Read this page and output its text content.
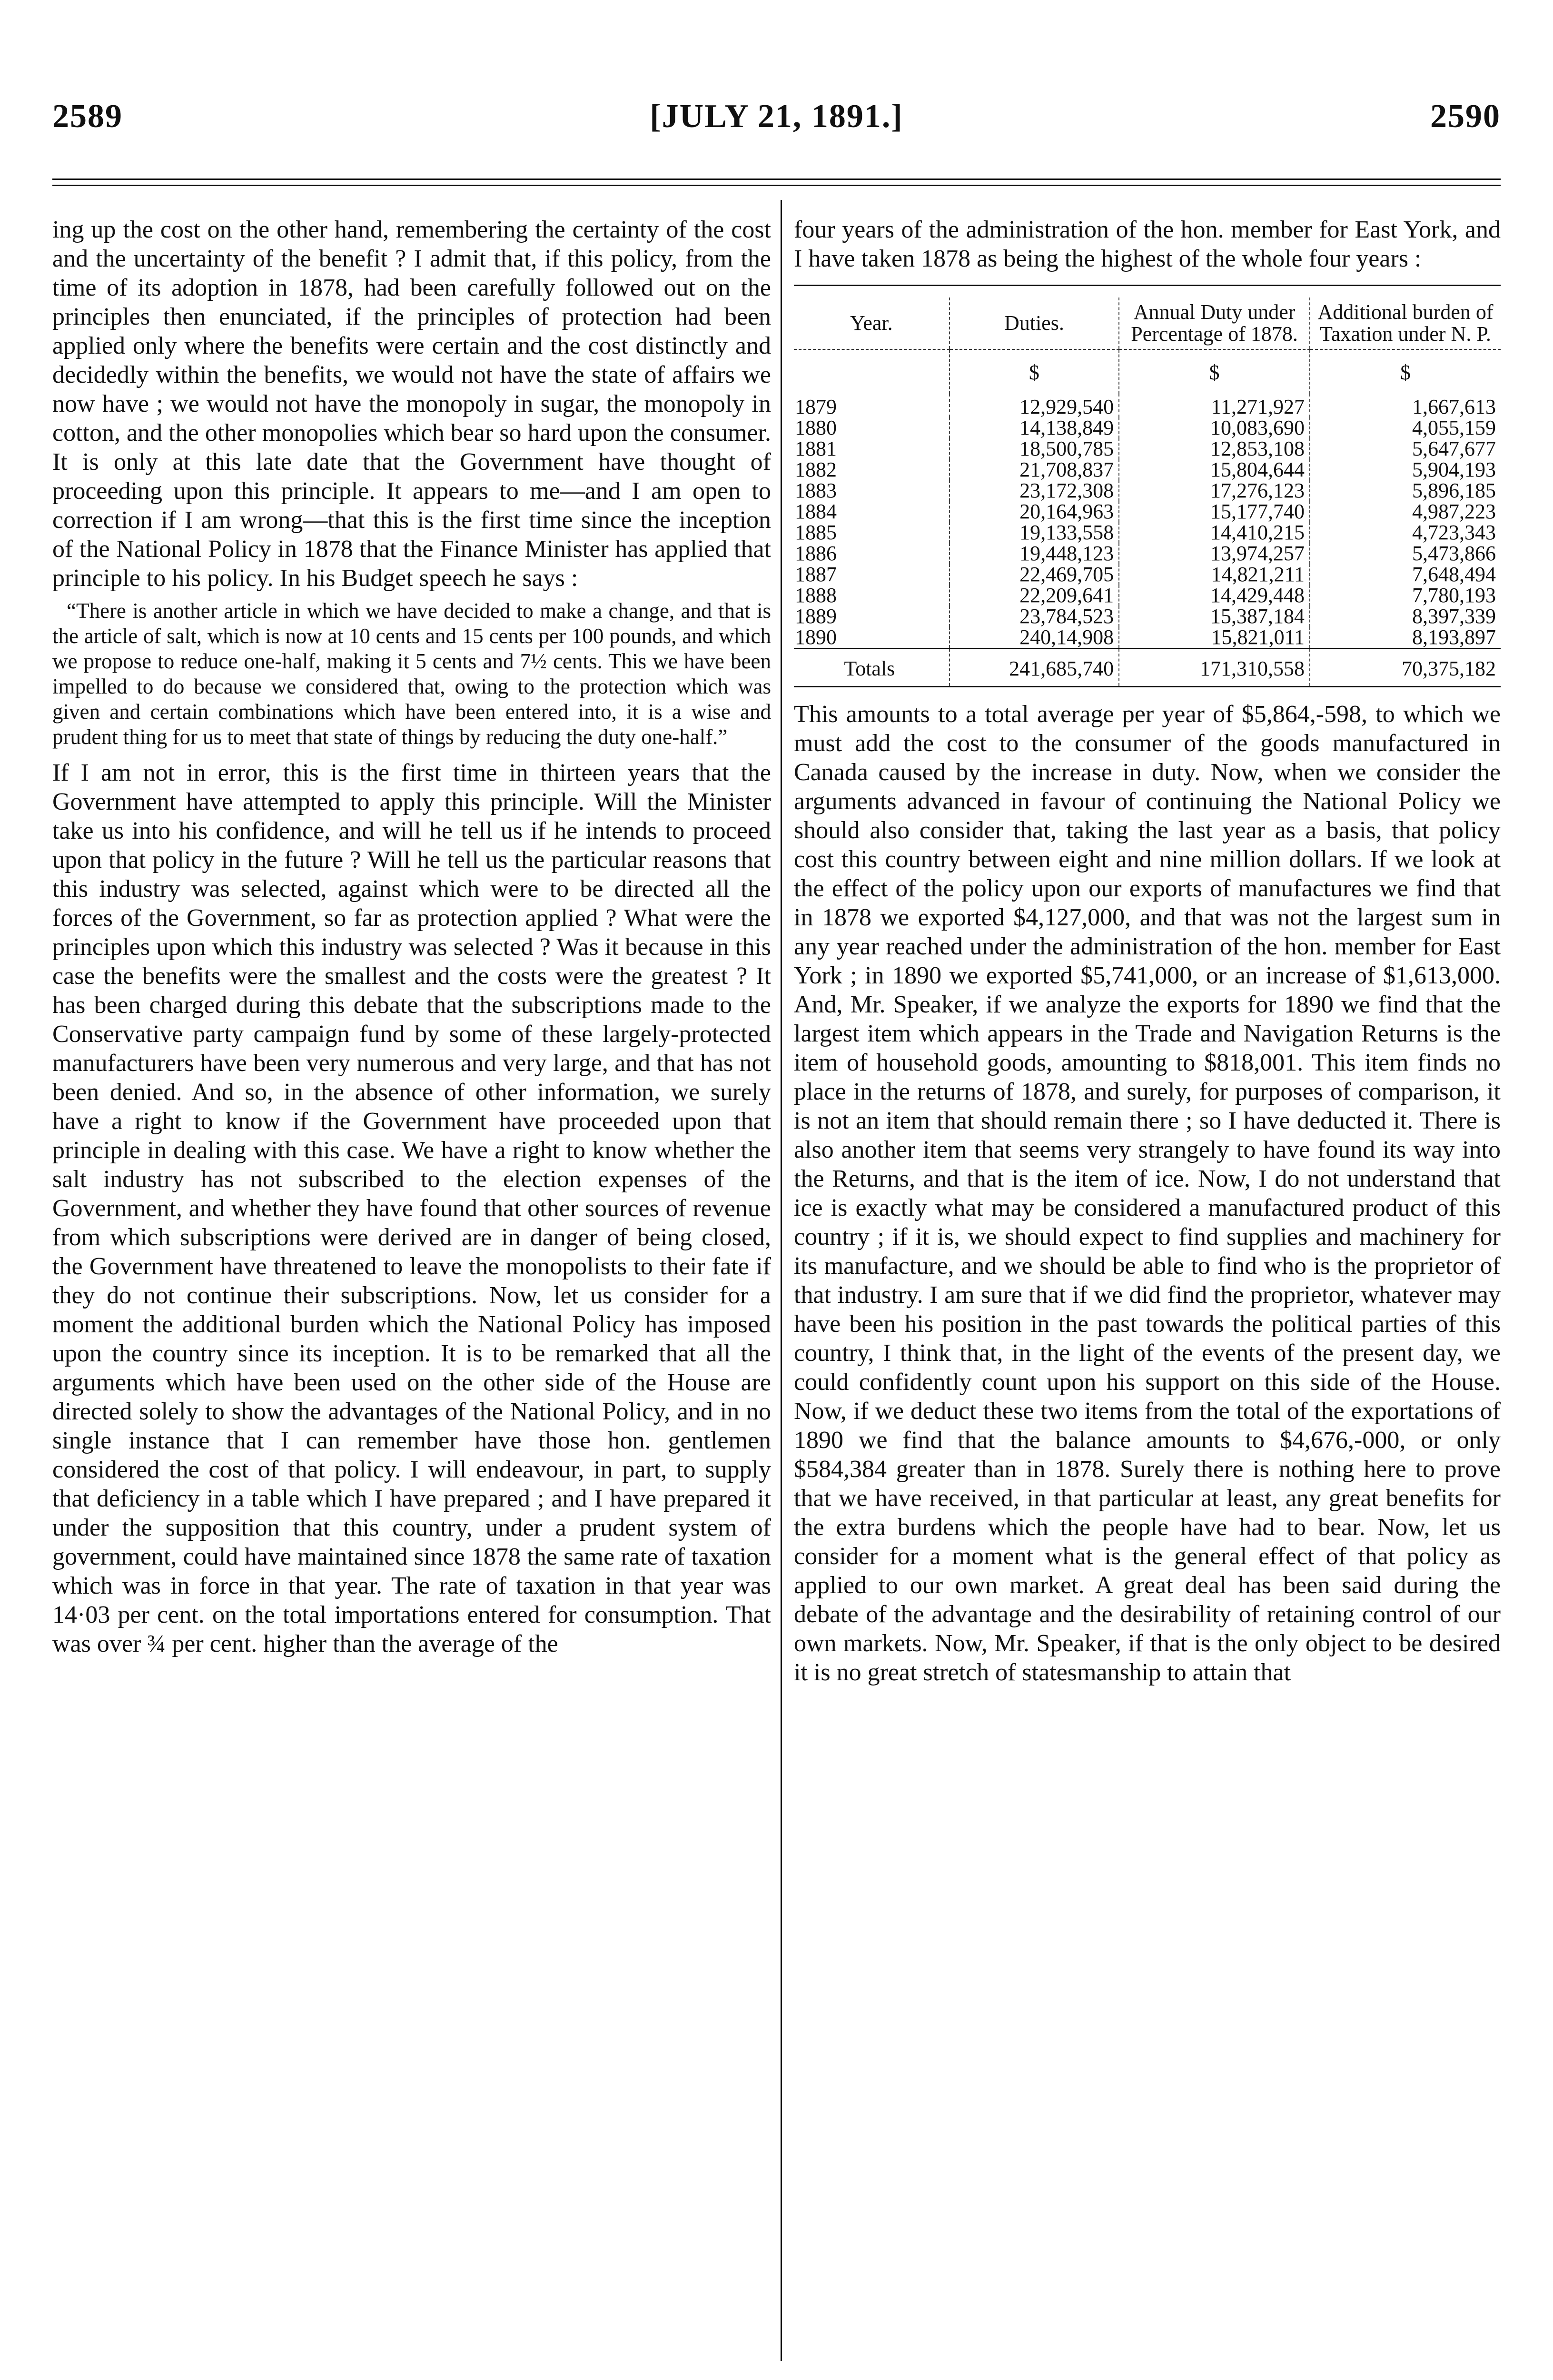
2589	[JULY 21, 1891.]	2590

ing up the cost on the other hand, remembering the certainty of the cost and the uncertainty of the benefit ? I admit that, if this policy, from the time of its adoption in 1878, had been carefully followed out on the principles then enunciated, if the principles of protection had been applied only where the benefits were certain and the cost distinctly and decidedly within the benefits, we would not have the state of affairs we now have ; we would not have the monopoly in sugar, the monopoly in cotton, and the other monopolies which bear so hard upon the consumer. It is only at this late date that the Government have thought of proceeding upon this principle. It appears to me—and I am open to correction if I am wrong—that this is the first time since the inception of the National Policy in 1878 that the Finance Minister has applied that principle to his policy. In his Budget speech he says :

“There is another article in which we have decided to make a change, and that is the article of salt, which is now at 10 cents and 15 cents per 100 pounds, and which we propose to reduce one-half, making it 5 cents and 7½ cents. This we have been impelled to do because we considered that, owing to the protection which was given and certain combinations which have been entered into, it is a wise and prudent thing for us to meet that state of things by reducing the duty one-half.”

If I am not in error, this is the first time in thirteen years that the Government have attempted to apply this principle. Will the Minister take us into his confidence, and will he tell us if he intends to proceed upon that policy in the future ? Will he tell us the particular reasons that this industry was selected, against which were to be directed all the forces of the Government, so far as protection applied ? What were the principles upon which this industry was selected ? Was it because in this case the benefits were the smallest and the costs were the greatest ? It has been charged during this debate that the subscriptions made to the Conservative party campaign fund by some of these largely-protected manufacturers have been very numerous and very large, and that has not been denied. And so, in the absence of other information, we surely have a right to know if the Government have proceeded upon that principle in dealing with this case. We have a right to know whether the salt industry has not subscribed to the election expenses of the Government, and whether they have found that other sources of revenue from which subscriptions were derived are in danger of being closed, the Government have threatened to leave the monopolists to their fate if they do not continue their subscriptions. Now, let us consider for a moment the additional burden which the National Policy has imposed upon the country since its inception. It is to be remarked that all the arguments which have been used on the other side of the House are directed solely to show the advantages of the National Policy, and in no single instance that I can remember have those hon. gentlemen considered the cost of that policy. I will endeavour, in part, to supply that deficiency in a table which I have prepared ; and I have prepared it under the supposition that this country, under a prudent system of government, could have maintained since 1878 the same rate of taxation which was in force in that year. The rate of taxation in that year was 14·03 per cent. on the total importations entered for consumption. That was over ¾ per cent. higher than the average of the

four years of the administration of the hon. member for East York, and I have taken 1878 as being the highest of the whole four years :

Year.	Duties.	Annual Duty under Percentage of 1878.	Additional burden of Taxation under N. P.
	$	$	$
1879	12,929,540	11,271,927	1,667,613
1880	14,138,849	10,083,690	4,055,159
1881	18,500,785	12,853,108	5,647,677
1882	21,708,837	15,804,644	5,904,193
1883	23,172,308	17,276,123	5,896,185
1884	20,164,963	15,177,740	4,987,223
1885	19,133,558	14,410,215	4,723,343
1886	19,448,123	13,974,257	5,473,866
1887	22,469,705	14,821,211	7,648,494
1888	22,209,641	14,429,448	7,780,193
1889	23,784,523	15,387,184	8,397,339
1890	240,14,908	15,821,011	8,193,897
Totals	241,685,740	171,310,558	70,375,182

This amounts to a total average per year of $5,864,-598, to which we must add the cost to the consumer of the goods manufactured in Canada caused by the increase in duty. Now, when we consider the arguments advanced in favour of continuing the National Policy we should also consider that, taking the last year as a basis, that policy cost this country between eight and nine million dollars. If we look at the effect of the policy upon our exports of manufactures we find that in 1878 we exported $4,127,000, and that was not the largest sum in any year reached under the administration of the hon. member for East York ; in 1890 we exported $5,741,000, or an increase of $1,613,000. And, Mr. Speaker, if we analyze the exports for 1890 we find that the largest item which appears in the Trade and Navigation Returns is the item of household goods, amounting to $818,001. This item finds no place in the returns of 1878, and surely, for purposes of comparison, it is not an item that should remain there ; so I have deducted it. There is also another item that seems very strangely to have found its way into the Returns, and that is the item of ice. Now, I do not understand that ice is exactly what may be considered a manufactured product of this country ; if it is, we should expect to find supplies and machinery for its manufacture, and we should be able to find who is the proprietor of that industry. I am sure that if we did find the proprietor, whatever may have been his position in the past towards the political parties of this country, I think that, in the light of the events of the present day, we could confidently count upon his support on this side of the House. Now, if we deduct these two items from the total of the exportations of 1890 we find that the balance amounts to $4,676,-000, or only $584,384 greater than in 1878. Surely there is nothing here to prove that we have received, in that particular at least, any great benefits for the extra burdens which the people have had to bear. Now, let us consider for a moment what is the general effect of that policy as applied to our own market. A great deal has been said during the debate of the advantage and the desirability of retaining control of our own markets. Now, Mr. Speaker, if that is the only object to be desired it is no great stretch of statesmanship to attain that
